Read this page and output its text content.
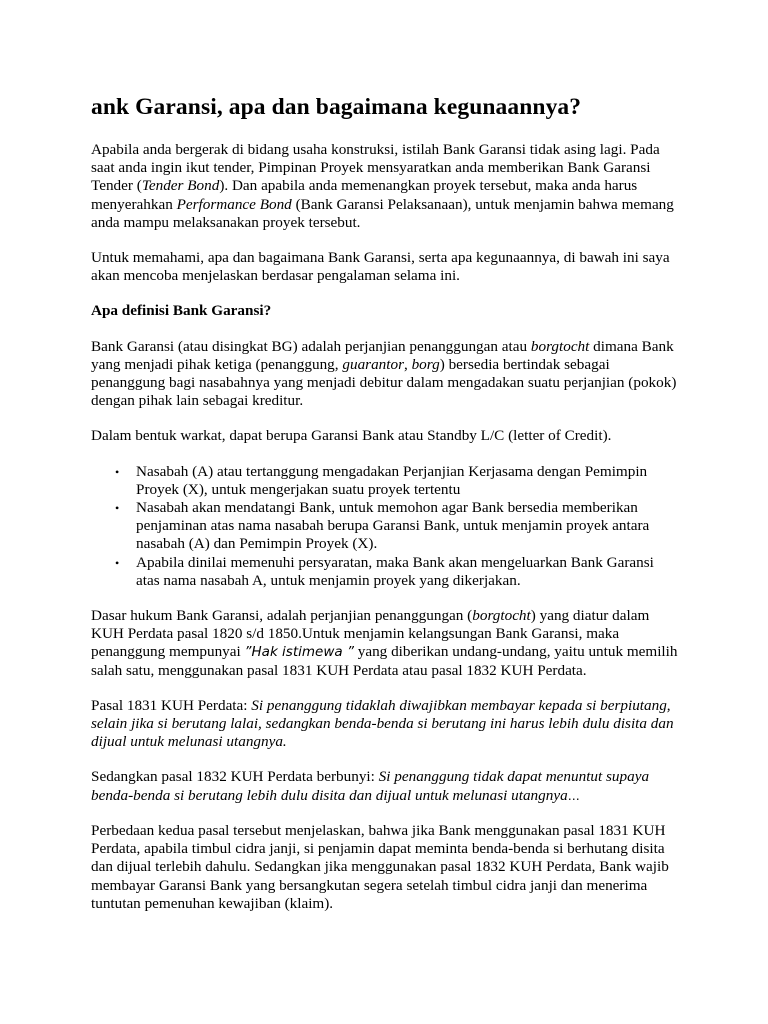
ank Garansi, apa dan bagaimana kegunaannya?

Apabila anda bergerak di bidang usaha konstruksi, istilah Bank Garansi tidak asing lagi. Pada saat anda ingin ikut tender, Pimpinan Proyek mensyaratkan anda memberikan Bank Garansi Tender (Tender Bond). Dan apabila anda memenangkan proyek tersebut, maka anda harus menyerahkan Performance Bond (Bank Garansi Pelaksanaan), untuk menjamin bahwa memang anda mampu melaksanakan proyek tersebut.

Untuk memahami, apa dan bagaimana Bank Garansi, serta apa kegunaannya, di bawah ini saya akan mencoba menjelaskan berdasar pengalaman selama ini.

Apa definisi Bank Garansi?

Bank Garansi (atau disingkat BG) adalah perjanjian penanggungan atau borgtocht dimana Bank yang menjadi pihak ketiga (penanggung, guarantor, borg) bersedia bertindak sebagai penanggung bagi nasabahnya yang menjadi debitur dalam mengadakan suatu perjanjian (pokok) dengan pihak lain sebagai kreditur.

Dalam bentuk warkat, dapat berupa Garansi Bank atau Standby L/C (letter of Credit).

• Nasabah (A) atau tertanggung mengadakan Perjanjian Kerjasama dengan Pemimpin Proyek (X), untuk mengerjakan suatu proyek tertentu
• Nasabah akan mendatangi Bank, untuk memohon agar Bank bersedia memberikan penjaminan atas nama nasabah berupa Garansi Bank, untuk menjamin proyek antara nasabah (A) dan Pemimpin Proyek (X).
• Apabila dinilai memenuhi persyaratan, maka Bank akan mengeluarkan Bank Garansi atas nama nasabah A, untuk menjamin proyek yang dikerjakan.

Dasar hukum Bank Garansi, adalah perjanjian penanggungan (borgtocht) yang diatur dalam KUH Perdata pasal 1820 s/d 1850.Untuk menjamin kelangsungan Bank Garansi, maka penanggung mempunyai ”Hak istimewa ” yang diberikan undang-undang, yaitu untuk memilih salah satu, menggunakan pasal 1831 KUH Perdata atau pasal 1832 KUH Perdata.

Pasal 1831 KUH Perdata: Si penanggung tidaklah diwajibkan membayar kepada si berpiutang, selain jika si berutang lalai, sedangkan benda-benda si berutang ini harus lebih dulu disita dan dijual untuk melunasi utangnya.

Sedangkan pasal 1832 KUH Perdata berbunyi: Si penanggung tidak dapat menuntut supaya benda-benda si berutang lebih dulu disita dan dijual untuk melunasi utangnya…

Perbedaan kedua pasal tersebut menjelaskan, bahwa jika Bank menggunakan pasal 1831 KUH Perdata, apabila timbul cidra janji, si penjamin dapat meminta benda-benda si berhutang disita dan dijual terlebih dahulu. Sedangkan jika menggunakan pasal 1832 KUH Perdata, Bank wajib membayar Garansi Bank yang bersangkutan segera setelah timbul cidra janji dan menerima tuntutan pemenuhan kewajiban (klaim).
